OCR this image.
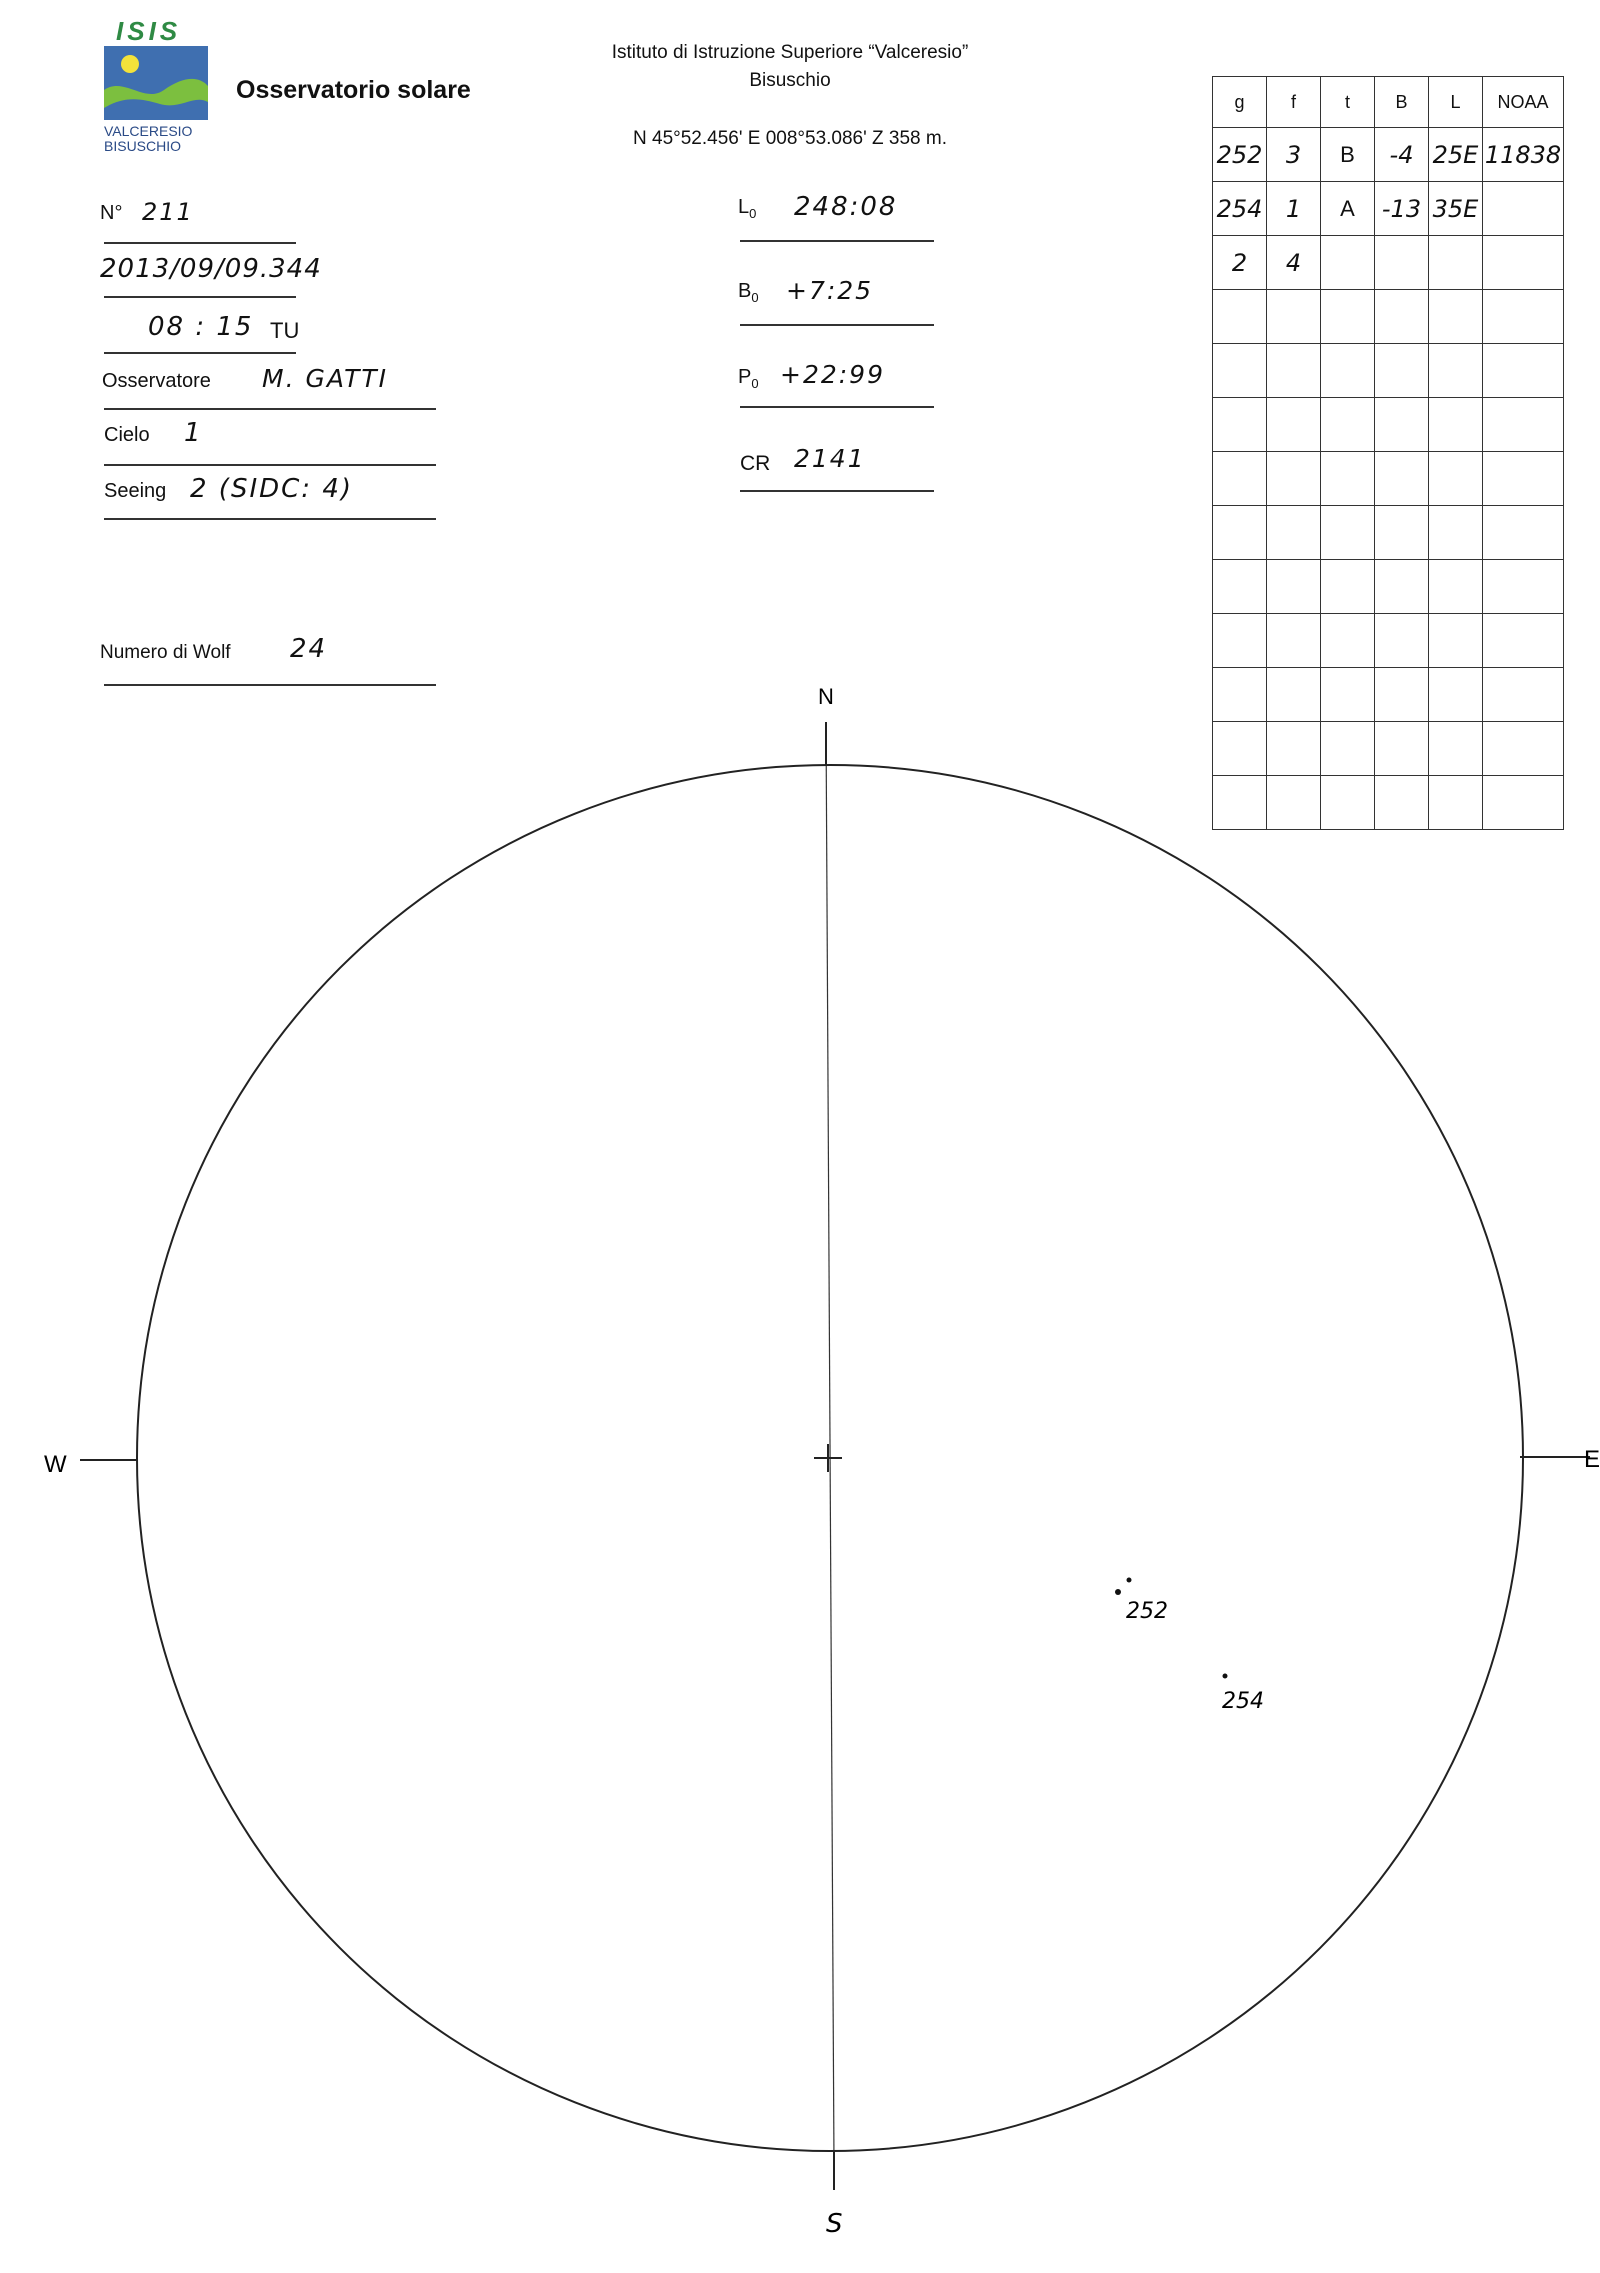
ISIS
VALCERESIO
BISUSCHIO
Osservatorio solare
Istituto di Istruzione Superiore “Valceresio”
Bisuschio
N 45°52.456' E 008°53.086' Z 358 m.
N° 211
2013/09/09.344
08 : 15 TU
Osservatore M. GATTI
Cielo 1
Seeing 2 (SIDC: 4)
Numero di Wolf 24
$L_0$ 248:08
$B_0$ +7:25
$P_0$ +22:99
CR 2141
g	f	t	B	L	NOAA
252	3	B	-4	25E	11838
254	1	A	-13	35E	
2	4				

N
S
W	E
252
254
